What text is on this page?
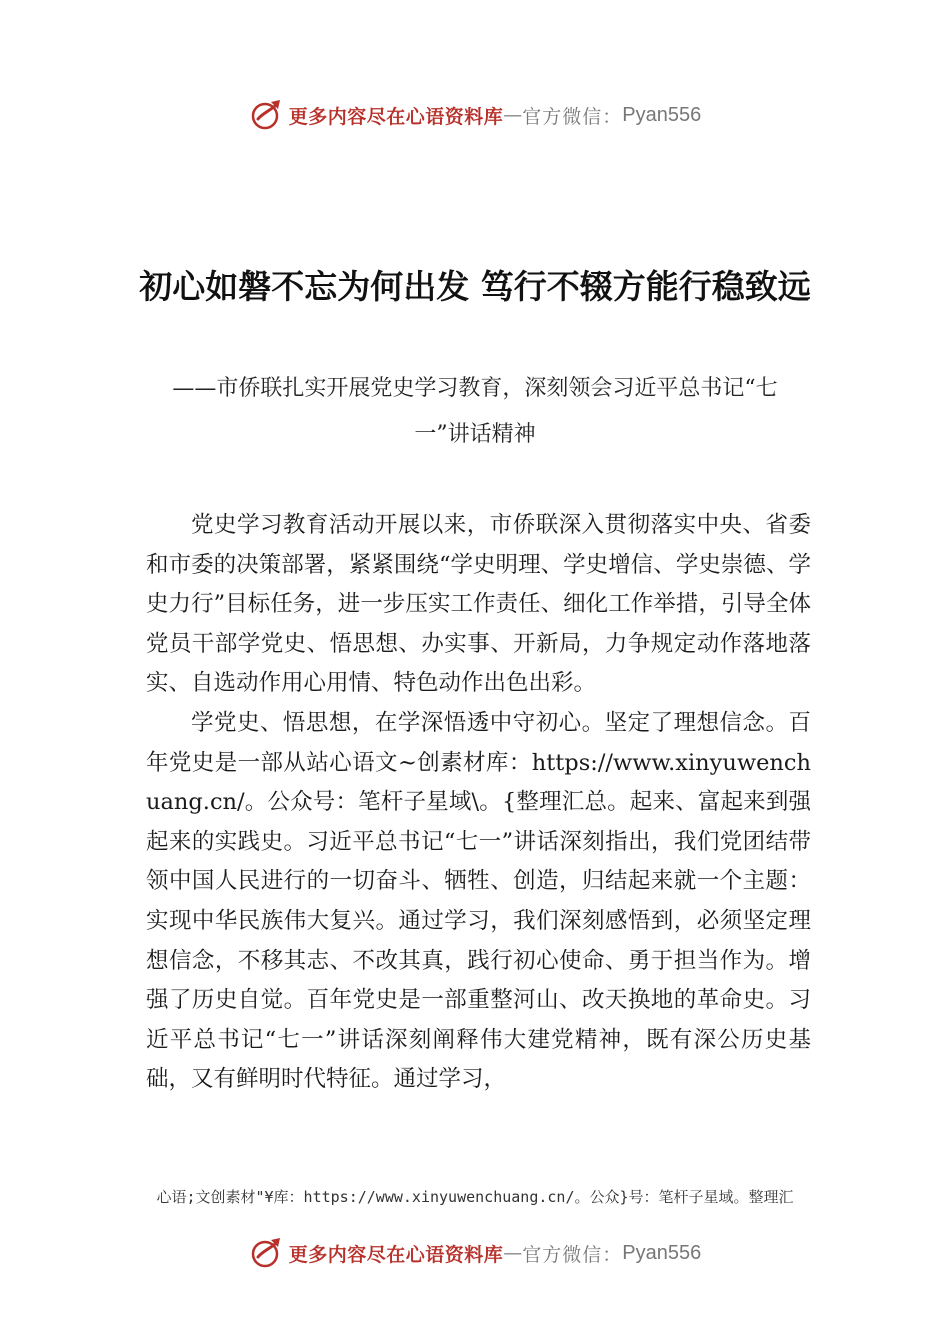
更多内容尽在心语资料库 — 官方微信： Pyan556
初心如磐不忘为何出发 笃行不辍方能行稳致远
——市侨联扎实开展党史学习教育，深刻领会习近平总书记“七一”讲话精神

党史学习教育活动开展以来，市侨联深入贯彻落实中央、省委和市委的决策部署，紧紧围绕“学史明理、学史增信、学史崇德、学史力行”目标任务，进一步压实工作责任、细化工作举措，引导全体党员干部学党史、悟思想、办实事、开新局，力争规定动作落地落实、自选动作用心用情、特色动作出色出彩。

学党史、悟思想，在学深悟透中守初心。坚定了理想信念。百年党史是一部从站心语文~创素材库：https://www.xinyuwenchuang.cn/。公众号：笔杆子星域\。{整理汇总。起来、富起来到强起来的实践史。习近平总书记“七一”讲话深刻指出，我们党团结带领中国人民进行的一切奋斗、牺牲、创造，归结起来就一个主题：实现中华民族伟大复兴。通过学习，我们深刻感悟到，必须坚定理想信念，不移其志、不改其真，践行初心使命、勇于担当作为。增强了历史自觉。百年党史是一部重整河山、改天换地的革命史。习近平总书记“七一”讲话深刻阐释伟大建党精神，既有深公历史基础，又有鲜明时代特征。通过学习，

心语;文创素材"¥库：https://www.xinyuwenchuang.cn/。公众}号：笔杆子星域。整理汇
更多内容尽在心语资料库 — 官方微信： Pyan556
